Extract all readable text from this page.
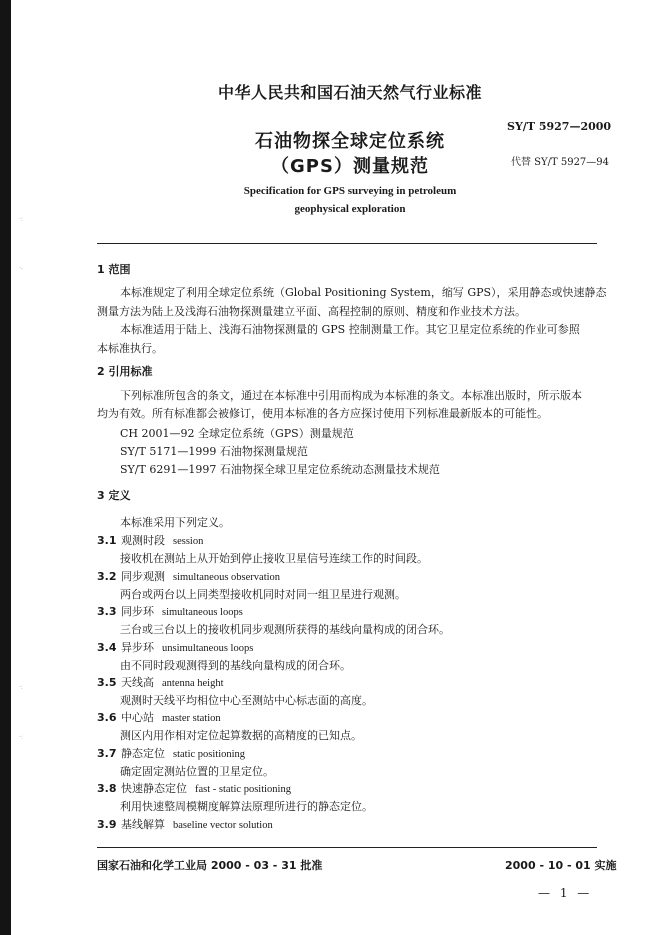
·:
·-
·:
·:
中华人民共和国石油天然气行业标准
SY/T 5927—2000
代替 SY/T 5927—94
石油物探全球定位系统
（GPS）测量规范
Specification for GPS surveying in petroleum
geophysical exploration
1 范围
本标准规定了利用全球定位系统（Global Positioning System，缩写 GPS），采用静态或快速静态
测量方法为陆上及浅海石油物探测量建立平面、高程控制的原则、精度和作业技术方法。
本标准适用于陆上、浅海石油物探测量的 GPS 控制测量工作。其它卫星定位系统的作业可参照
本标准执行。
2 引用标准
下列标准所包含的条文，通过在本标准中引用而构成为本标准的条文。本标准出版时，所示版本
均为有效。所有标准都会被修订，使用本标准的各方应探讨使用下列标准最新版本的可能性。
CH 2001—92 全球定位系统（GPS）测量规范
SY/T 5171—1999 石油物探测量规范
SY/T 6291—1997 石油物探全球卫星定位系统动态测量技术规范
3 定义
本标准采用下列定义。
3.1 观测时段 session
接收机在测站上从开始到停止接收卫星信号连续工作的时间段。
3.2 同步观测 simultaneous observation
两台或两台以上同类型接收机同时对同一组卫星进行观测。
3.3 同步环 simultaneous loops
三台或三台以上的接收机同步观测所获得的基线向量构成的闭合环。
3.4 异步环 unsimultaneous loops
由不同时段观测得到的基线向量构成的闭合环。
3.5 天线高 antenna height
观测时天线平均相位中心至测站中心标志面的高度。
3.6 中心站 master station
测区内用作相对定位起算数据的高精度的已知点。
3.7 静态定位 static positioning
确定固定测站位置的卫星定位。
3.8 快速静态定位 fast - static positioning
利用快速整周模糊度解算法原理所进行的静态定位。
3.9 基线解算 baseline vector solution
国家石油和化学工业局 2000 - 03 - 31 批准	2000 - 10 - 01 实施
— 1 —
